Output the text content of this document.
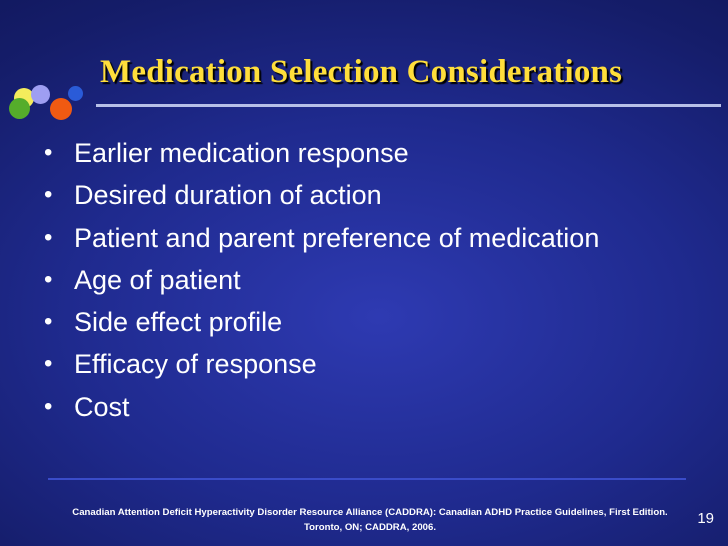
Medication Selection Considerations
• Earlier medication response
• Desired duration of action
• Patient and parent preference of medication
• Age of patient
• Side effect profile
• Efficacy of response
• Cost
Canadian Attention Deficit Hyperactivity Disorder Resource Alliance (CADDRA): Canadian ADHD Practice Guidelines, First Edition.
Toronto, ON; CADDRA, 2006.
19
